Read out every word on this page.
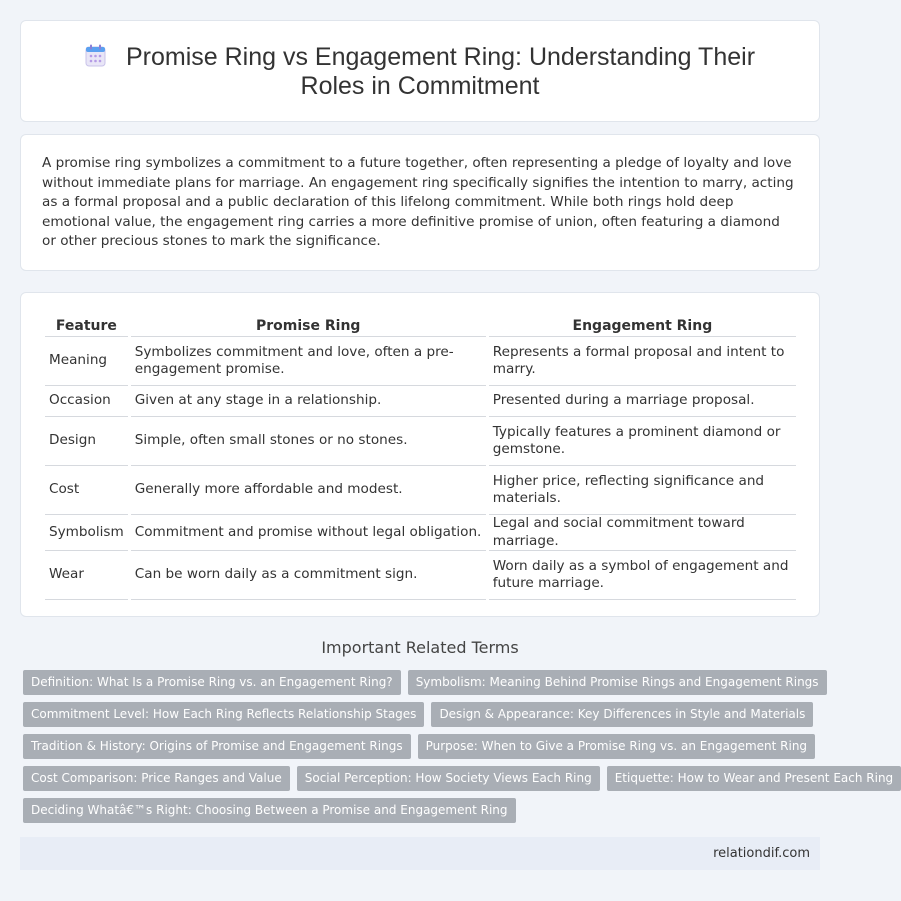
Promise Ring vs Engagement Ring: Understanding Their Roles in Commitment

A promise ring symbolizes a commitment to a future together, often representing a pledge of loyalty and love without immediate plans for marriage. An engagement ring specifically signifies the intention to marry, acting as a formal proposal and a public declaration of this lifelong commitment. While both rings hold deep emotional value, the engagement ring carries a more definitive promise of union, often featuring a diamond or other precious stones to mark the significance.

Feature	Promise Ring	Engagement Ring
Meaning	Symbolizes commitment and love, often a pre-engagement promise.	Represents a formal proposal and intent to marry.
Occasion	Given at any stage in a relationship.	Presented during a marriage proposal.
Design	Simple, often small stones or no stones.	Typically features a prominent diamond or gemstone.
Cost	Generally more affordable and modest.	Higher price, reflecting significance and materials.
Symbolism	Commitment and promise without legal obligation.	Legal and social commitment toward marriage.
Wear	Can be worn daily as a commitment sign.	Worn daily as a symbol of engagement and future marriage.
Important Related Terms
Definition: What Is a Promise Ring vs. an Engagement Ring?	Symbolism: Meaning Behind Promise Rings and Engagement Rings
Commitment Level: How Each Ring Reflects Relationship Stages	Design & Appearance: Key Differences in Style and Materials
Tradition & History: Origins of Promise and Engagement Rings	Purpose: When to Give a Promise Ring vs. an Engagement Ring
Cost Comparison: Price Ranges and Value	Social Perception: How Society Views Each Ring	Etiquette: How to Wear and Present Each Ring
Deciding Whatâ€™s Right: Choosing Between a Promise and Engagement Ring
relationdif.com
